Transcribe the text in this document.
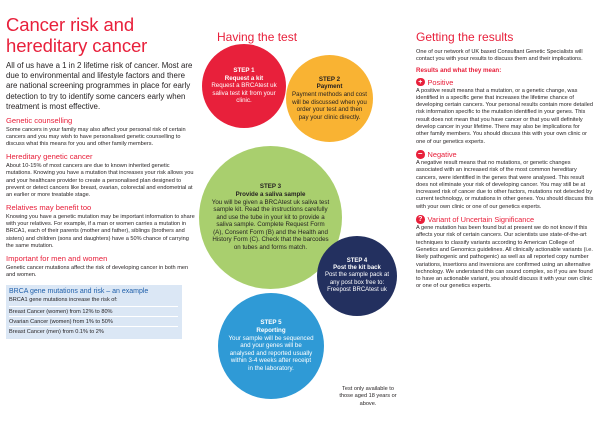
Cancer risk and
hereditary cancer
All of us have a 1 in 2 lifetime risk of cancer. Most are due to environmental and lifestyle factors and there are national screening programmes in place for early detection to try to identify some cancers early when treatment is most effective.
Genetic counselling
Some cancers in your family may also affect your personal risk of certain cancers and you may wish to have personalised genetic counselling to discuss what this means for you and other family members.
Hereditary genetic cancer
About 10-15% of most cancers are due to known inherited genetic mutations. Knowing you have a mutation that increases your risk allows you and your healthcare provider to create a personalised plan designed to prevent or detect cancers like breast, ovarian, colorectal and endometrial at an earlier or more treatable stage.
Relatives may benefit too
Knowing you have a genetic mutation may be important information to share with your relatives. For example, if a man or women carries a mutation in BRCA1, each of their parents (mother and father), siblings (brothers and sisters) and children (sons and daughters) have a 50% chance of carrying the same mutation.
Important for men and women
Genetic cancer mutations affect the risk of developing cancer in both men and women.
BRCA gene mutations and risk – an example
BRCA1 gene mutations increase the risk of:
Breast Cancer (women) from 12% to 80%
Ovarian Cancer (women) from 1% to 50%
Breast Cancer (men) from 0.1% to 2%
Having the test
STEP 1
Request a kit
Request a BRCAtest uk saliva test kit from your clinic.
STEP 2
Payment
Payment methods and cost will be discussed when you order your test and then pay your clinic directly.
STEP 3
Provide a saliva sample
You will be given a BRCAtest uk saliva test sample kit. Read the instructions carefully and use the tube in your kit to provide a saliva sample. Complete Request Form (A), Consent Form (B) and the Health and History Form (C). Check that the barcodes on tubes and forms match.
STEP 4
Post the kit back
Post the sample pack at any post box free to: Freepost BRCAtest uk
STEP 5
Reporting
Your sample will be sequenced and your genes will be analysed and reported usually within 3-4 weeks after receipt in the laboratory.
Test only available to those aged 18 years or above.
Getting the results
One of our network of UK based Consultant Genetic Specialists will contact you with your results to discuss them and their implications.
Results and what they mean:
+ Positive
A positive result means that a mutation, or a genetic change, was identified in a specific gene that increases the lifetime chance of developing certain cancers. Your personal results contain more detailed risk information specific to the mutation identified in your genes. This result does not mean that you have cancer or that you will definitely develop cancer in your lifetime. There may also be implications for other family members. You should discuss this with your own clinic or one of our genetics experts.
– Negative
A negative result means that no mutations, or genetic changes associated with an increased risk of the most common hereditary cancers, were identified in the genes that were analysed. This result does not eliminate your risk of developing cancer. You may still be at increased risk of cancer due to other factors, mutations not detected by current technology, or mutations in other genes. You should discuss this with your own clinic or one of our genetics experts.
? Variant of Uncertain Significance
A gene mutation has been found but at present we do not know if this affects your risk of certain cancers. Our scientists use state-of-the-art techniques to classify variants according to American College of Genetics and Genomics guidelines. All clinically actionable variants (i.e. likely pathogenic and pathogenic) as well as all reported copy number variations, insertions and inversions are confirmed using an alternative technology. We understand this can sound complex, so if you are found to have an actionable variant, you should discuss it with your own clinic or one of our genetics experts.
